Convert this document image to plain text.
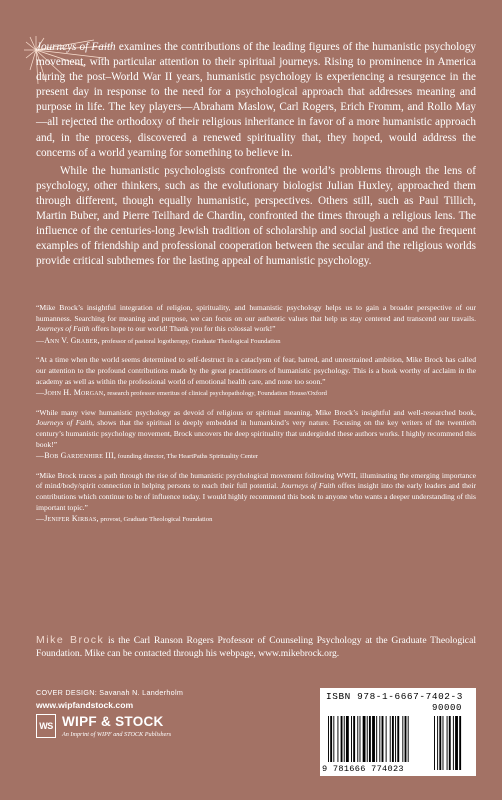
Journeys of Faith examines the contributions of the leading figures of the humanistic psychology movement, with particular attention to their spiritual journeys. Rising to prominence in America during the post–World War II years, humanistic psychology is experiencing a resurgence in the present day in response to the need for a psychological approach that addresses meaning and purpose in life. The key players—Abraham Maslow, Carl Rogers, Erich Fromm, and Rollo May—all rejected the orthodoxy of their religious inheritance in favor of a more humanistic approach and, in the process, discovered a renewed spirituality that, they hoped, would address the concerns of a world yearning for something to believe in.

While the humanistic psychologists confronted the world’s problems through the lens of psychology, other thinkers, such as the evolutionary biologist Julian Huxley, approached them through different, though equally humanistic, perspectives. Others still, such as Paul Tillich, Martin Buber, and Pierre Teilhard de Chardin, confronted the times through a religious lens. The influence of the centuries-long Jewish tradition of scholarship and social justice and the frequent examples of friendship and professional cooperation between the secular and the religious worlds provide critical subthemes for the lasting appeal of humanistic psychology.

“Mike Brock’s insightful integration of religion, spirituality, and humanistic psychology helps us to gain a broader perspective of our humanness. Searching for meaning and purpose, we can focus on our authentic values that help us stay centered and transcend our travails. Journeys of Faith offers hope to our world! Thank you for this colossal work!”

—Ann V. Graber, professor of pastoral logotherapy, Graduate Theological Foundation

“At a time when the world seems determined to self-destruct in a cataclysm of fear, hatred, and unrestrained ambition, Mike Brock has called our attention to the profound contributions made by the great practitioners of humanistic psychology. This is a book worthy of acclaim in the academy as well as within the professional world of emotional health care, and none too soon.”

—John H. Morgan, research professor emeritus of clinical psychopathology, Foundation House/Oxford

“While many view humanistic psychology as devoid of religious or spiritual meaning, Mike Brock’s insightful and well-researched book, Journeys of Faith, shows that the spiritual is deeply embedded in humankind’s very nature. Focusing on the key writers of the twentieth century’s humanistic psychology movement, Brock uncovers the deep spirituality that undergirded these authors works. I highly recommend this book!”

—Bob Gardenhire III, founding director, The HeartPaths Spirituality Center

“Mike Brock traces a path through the rise of the humanistic psychological movement following WWII, illuminating the emerging importance of mind/body/spirit connection in helping persons to reach their full potential. Journeys of Faith offers insight into the early leaders and their contributions which continue to be of influence today. I would highly recommend this book to anyone who wants a deeper understanding of this important topic.”

—Jenifer Kirbas, provost, Graduate Theological Foundation

Mike Brock is the Carl Ranson Rogers Professor of Counseling Psychology at the Graduate Theological Foundation. Mike can be contacted through his webpage, www.mikebrock.org.
COVER DESIGN: Savanah N. Landerholm
www.wipfandstock.com
WS WIPF & STOCK
An Imprint of WIPF and STOCK Publishers
ISBN 978-1-6667-7402-3
90000
9 781666 774023
